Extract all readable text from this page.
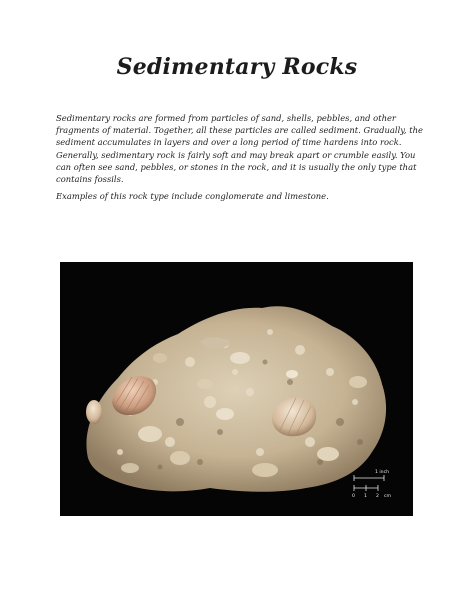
Sedimentary Rocks

Sedimentary rocks are formed from particles of sand, shells, pebbles, and other fragments of material. Together, all these particles are called sediment. Gradually, the sediment accumulates in layers and over a long period of time hardens into rock. Generally, sedimentary rock is fairly soft and may break apart or crumble easily. You can often see sand, pebbles, or stones in the rock, and it is usually the only type that contains fossils.

Examples of this rock type include conglomerate and limestone.

1 inch
0 1 2 cm
